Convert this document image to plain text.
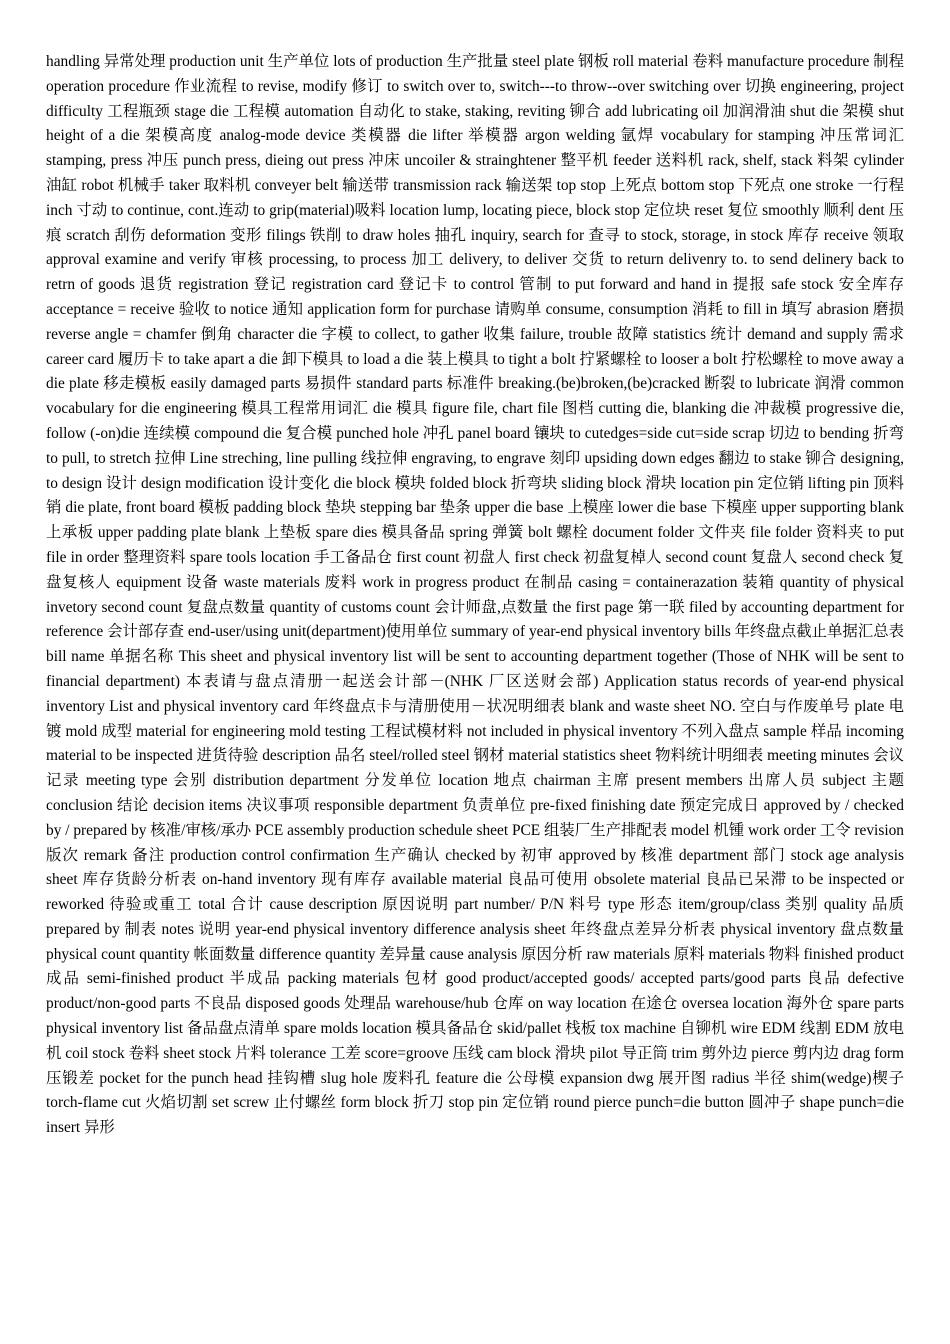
handling 异常处理 production unit 生产单位 lots of production 生产批量 steel plate 钢板 roll material 卷料 manufacture procedure 制程 operation procedure 作业流程 to revise, modify 修订 to switch over to, switch---to throw--over switching over 切换 engineering, project difficulty 工程瓶颈 stage die 工程模 automation 自动化 to stake, staking, reviting 铆合 add lubricating oil 加润滑油 shut die 架模 shut height of a die 架模高度 analog-mode device 类模器 die lifter 举模器 argon welding 氩焊 vocabulary for stamping 冲压常词汇 stamping, press 冲压 punch press, dieing out press 冲床 uncoiler & strainghtener 整平机 feeder 送料机 rack, shelf, stack 料架 cylinder 油缸 robot 机械手 taker 取料机 conveyer belt 输送带 transmission rack 输送架 top stop 上死点 bottom stop 下死点 one stroke 一行程 inch 寸动 to continue, cont.连动 to grip(material)吸料 location lump, locating piece, block stop 定位块 reset 复位 smoothly 顺利 dent 压痕 scratch 刮伤 deformation 变形 filings 铁削 to draw holes 抽孔 inquiry, search for 查寻 to stock, storage, in stock 库存 receive 领取 approval examine and verify 审核 processing, to process 加工 delivery, to deliver 交货 to return delivenry to. to send delinery back to retrn of goods 退货 registration 登记 registration card 登记卡 to control 管制 to put forward and hand in 提报 safe stock 安全库存 acceptance = receive 验收 to notice 通知 application form for purchase 请购单 consume, consumption 消耗 to fill in 填写 abrasion 磨损 reverse angle = chamfer 倒角 character die 字模 to collect, to gather 收集 failure, trouble 故障 statistics 统计 demand and supply 需求 career card 履历卡 to take apart a die 卸下模具 to load a die 装上模具 to tight a bolt 拧紧螺栓 to looser a bolt 拧松螺栓 to move away a die plate 移走模板 easily damaged parts 易损件 standard parts 标准件 breaking.(be)broken,(be)cracked 断裂 to lubricate 润滑 common vocabulary for die engineering 模具工程常用词汇 die 模具 figure file, chart file 图档 cutting die, blanking die 冲裁模 progressive die, follow (-on)die 连续模 compound die 复合模 punched hole 冲孔 panel board 镶块 to cutedges=side cut=side scrap 切边 to bending 折弯 to pull, to stretch 拉伸 Line streching, line pulling 线拉伸 engraving, to engrave 刻印 upsiding down edges 翻边 to stake 铆合 designing, to design 设计 design modification 设计变化 die block 模块 folded block 折弯块 sliding block 滑块 location pin 定位销 lifting pin 顶料销 die plate, front board 模板 padding block 垫块 stepping bar 垫条 upper die base 上模座 lower die base 下模座 upper supporting blank 上承板 upper padding plate blank 上垫板 spare dies 模具备品 spring 弹簧 bolt 螺栓 document folder 文件夹 file folder 资料夹 to put file in order 整理资料 spare tools location 手工备品仓 first count 初盘人 first check 初盘复棹人 second count 复盘人 second check 复盘复核人 equipment 设备 waste materials 废料 work in progress product 在制品 casing = containerazation 装箱 quantity of physical invetory second count 复盘点数量 quantity of customs count 会计师盘,点数量 the first page 第一联 filed by accounting department for reference 会计部存查 end-user/using unit(department)使用单位 summary of year-end physical inventory bills 年终盘点截止单据汇总表 bill name 单据名称 This sheet and physical inventory list will be sent to accounting department together (Those of NHK will be sent to financial department) 本表请与盘点清册一起送会计部－(NHK 厂区送财会部) Application status records of year-end physical inventory List and physical inventory card 年终盘点卡与清册使用－状况明细表 blank and waste sheet NO. 空白与作废单号 plate 电镀 mold 成型 material for engineering mold testing 工程试模材料 not included in physical inventory 不列入盘点 sample 样品 incoming material to be inspected 进货待验 description 品名 steel/rolled steel 钢材 material statistics sheet 物料统计明细表 meeting minutes 会议记录 meeting type 会别 distribution department 分发单位 location 地点 chairman 主席 present members 出席人员 subject 主题 conclusion 结论 decision items 决议事项 responsible department 负责单位 pre-fixed finishing date 预定完成日 approved by / checked by / prepared by 核准/审核/承办 PCE assembly production schedule sheet PCE 组装厂生产排配表 model 机锺 work order 工令 revision 版次 remark 备注 production control confirmation 生产确认 checked by 初审 approved by 核准 department 部门 stock age analysis sheet 库存货龄分析表 on-hand inventory 现有库存 available material 良品可使用 obsolete material 良品已呆滞 to be inspected or reworked 待验或重工 total 合计 cause description 原因说明 part number/ P/N 料号 type 形态 item/group/class 类别 quality 品质 prepared by 制表 notes 说明 year-end physical inventory difference analysis sheet 年终盘点差异分析表 physical inventory 盘点数量 physical count quantity 帐面数量 difference quantity 差异量 cause analysis 原因分析 raw materials 原料 materials 物料 finished product 成品 semi-finished product 半成品 packing materials 包材 good product/accepted goods/ accepted parts/good parts 良品 defective product/non-good parts 不良品 disposed goods 处理品 warehouse/hub 仓库 on way location 在途仓 oversea location 海外仓 spare parts physical inventory list 备品盘点清单 spare molds location 模具备品仓 skid/pallet 栈板 tox machine 自铆机 wire EDM 线割 EDM 放电机 coil stock 卷料 sheet stock 片料 tolerance 工差 score=groove 压线 cam block 滑块 pilot 导正筒 trim 剪外边 pierce 剪内边 drag form 压锻差 pocket for the punch head 挂钩槽 slug hole 废料孔 feature die 公母模 expansion dwg 展开图 radius 半径 shim(wedge)楔子 torch-flame cut 火焰切割 set screw 止付螺丝 form block 折刀 stop pin 定位销 round pierce punch=die button 圆冲子 shape punch=die insert 异形
